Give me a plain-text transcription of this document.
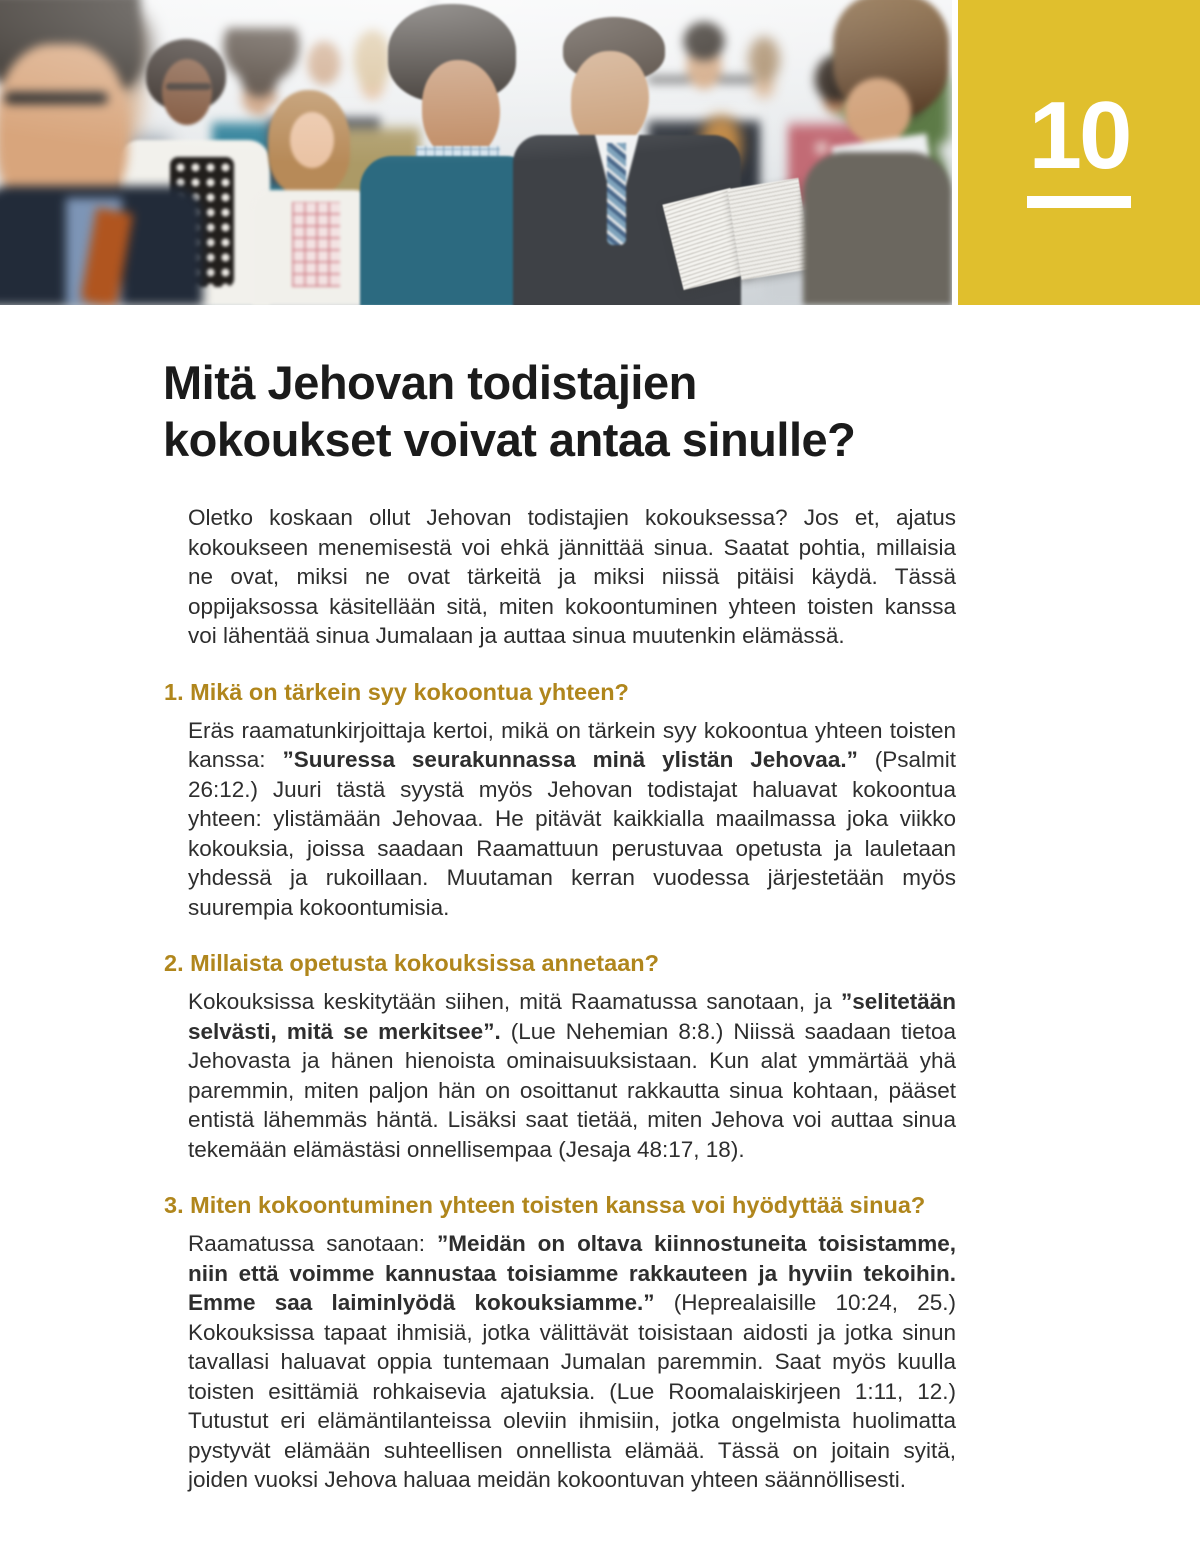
10
Mitä Jehovan todistajien
kokoukset voivat antaa sinulle?

Oletko koskaan ollut Jehovan todistajien kokouksessa? Jos et, ajatus kokoukseen menemisestä voi ehkä jännittää sinua. Saatat pohtia, millaisia ne ovat, miksi ne ovat tärkeitä ja miksi niissä pitäisi käydä. Tässä oppijaksossa käsitellään sitä, miten kokoontuminen yhteen toisten kanssa voi lähentää sinua Jumalaan ja auttaa sinua muutenkin elämässä.

1. Mikä on tärkein syy kokoontua yhteen?

Eräs raamatunkirjoittaja kertoi, mikä on tärkein syy kokoontua yhteen toisten kanssa: ”Suuressa seurakunnassa minä ylistän Jehovaa.” (Psalmit 26:12.) Juuri tästä syystä myös Jehovan todistajat haluavat kokoontua yhteen: ylistämään Jehovaa. He pitävät kaikkialla maailmassa joka viikko kokouksia, joissa saadaan Raamattuun perustuvaa opetusta ja lauletaan yhdessä ja rukoillaan. Muutaman kerran vuodessa järjestetään myös suurempia kokoontumisia.

2. Millaista opetusta kokouksissa annetaan?

Kokouksissa keskitytään siihen, mitä Raamatussa sanotaan, ja ”selitetään selvästi, mitä se merkitsee”. (Lue Nehemian 8:8.) Niissä saadaan tietoa Jehovasta ja hänen hienoista ominaisuuksistaan. Kun alat ymmärtää yhä paremmin, miten paljon hän on osoittanut rakkautta sinua kohtaan, pääset entistä lähemmäs häntä. Lisäksi saat tietää, miten Jehova voi auttaa sinua tekemään elämästäsi onnellisempaa (Jesaja 48:17, 18).

3. Miten kokoontuminen yhteen toisten kanssa voi hyödyttää sinua?

Raamatussa sanotaan: ”Meidän on oltava kiinnostuneita toisistamme, niin että voimme kannustaa toisiamme rakkauteen ja hyviin tekoihin. Emme saa laiminlyödä kokouksiamme.” (Heprealaisille 10:24, 25.) Kokouksissa tapaat ihmisiä, jotka välittävät toisistaan aidosti ja jotka sinun tavallasi haluavat oppia tuntemaan Jumalan paremmin. Saat myös kuulla toisten esittämiä rohkaisevia ajatuksia. (Lue Roomalaiskirjeen 1:11, 12.) Tutustut eri elämäntilanteissa oleviin ihmisiin, jotka ongelmista huolimatta pystyvät elämään suhteellisen onnellista elämää. Tässä on joitain syitä, joiden vuoksi Jehova haluaa meidän kokoontuvan yhteen säännöllisesti.
